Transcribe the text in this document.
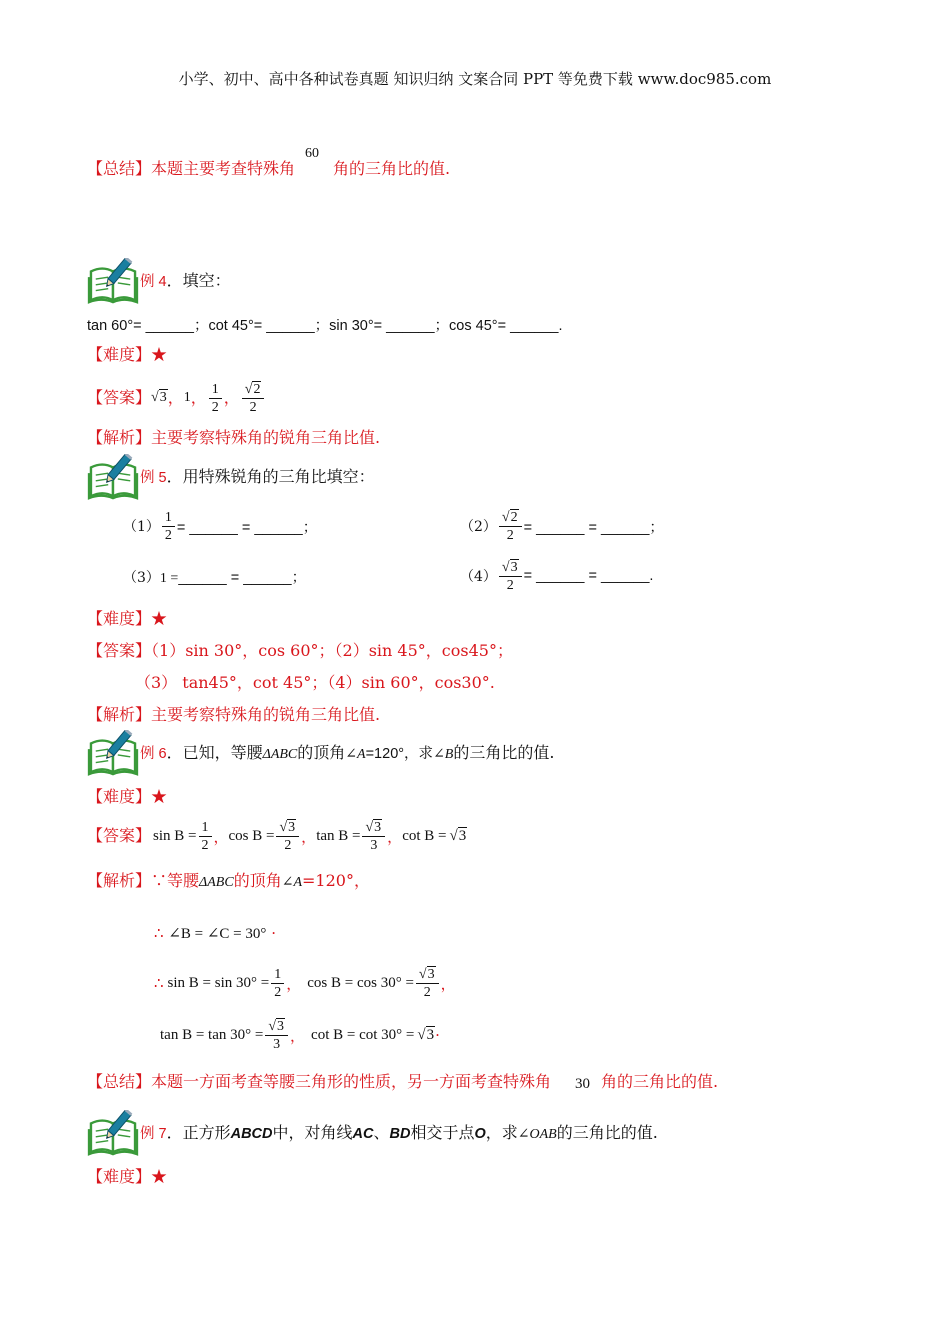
小学、初中、高中各种试卷真题 知识归纳 文案合同 PPT 等免费下载 www.doc985.com
【总结】本题主要考查特殊角
60
角的三角比的值.
例 4．填空：
tan 60°= ______；cot 45°= ______；sin 30°= ______；cos 45°= ______.
【难度】★
【答案】 √3 ， 1 ， $\frac{1}{2}$ ， $\frac{√2}{2}$
【解析】主要考察特殊角的锐角三角比值.
例 5．用特殊锐角的三角比填空：
$(1) \frac{1}{2}$ = ______ = ______；	$(2) \frac{√2}{2}$ = ______ = ______；
（3）1 =______ = ______；	$(4) \frac{√3}{2}$ = ______ = ______.
【难度】★
【答案】（1）sin 30°，cos 60°；（2）sin 45°，cos45°；
（3） tan45°，cot 45°；（4）sin 60°，cos30°.
【解析】主要考察特殊角的锐角三角比值.
例 6．已知，等腰ΔABC的顶角∠A=120°，求∠B的三角比的值.
【难度】★
【答案】 $\sin B = \frac{1}{2}$ ， $\cos B = \frac{√3}{2}$ ， $\tan B = \frac{√3}{3}$ ， cot B = √3
【解析】∵等腰ΔABC的顶角∠A=120°，
∴ ∠B = ∠C = 30° ·
∴ $\sin B = \sin 30^\circ = \frac{1}{2}$ ， $\cos B = \cos 30^\circ = \frac{√3}{2}$ ，
$\tan B = \tan 30^\circ = \frac{√3}{3}$ ， cot B = cot 30° = √3 ·
【总结】本题一方面考查等腰三角形的性质，另一方面考查特殊角 30 角的三角比的值.
例 7．正方形ABCD中，对角线AC、BD相交于点O，求∠OAB的三角比的值.
【难度】★
